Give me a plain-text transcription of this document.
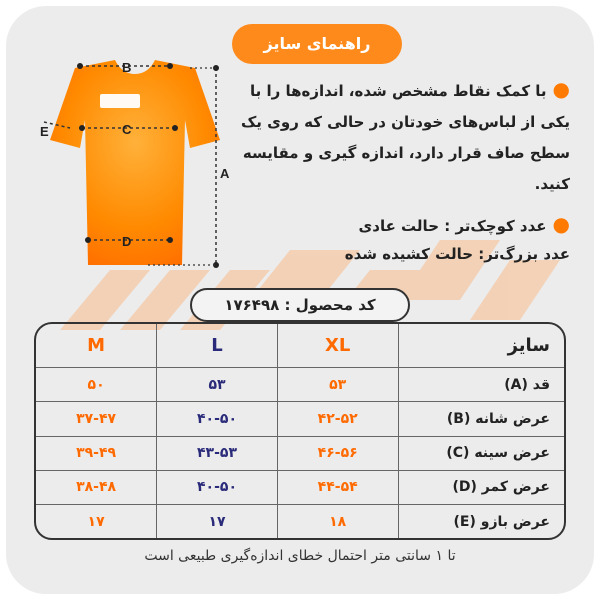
راهنمای سایز
B
C
D
A
E
●با کمک نقاط مشخص شده، اندازه‌ها را با یکی از لباس‌های خودتان در حالی که روی یک سطح صاف قرار دارد، اندازه گیری و مقایسه کنید.
●عدد کوچک‌تر : حالت عادی
عدد بزرگ‌تر: حالت کشیده شده
کد محصول : ۱۷۶۴۹۸
سایز	XL	L	M
قد (A)	۵۳	۵۳	۵۰
عرض شانه (B)	۴۲-۵۲	۴۰-۵۰	۳۷-۴۷
عرض سینه (C)	۴۶-۵۶	۴۳-۵۳	۳۹-۴۹
عرض کمر (D)	۴۴-۵۴	۴۰-۵۰	۳۸-۴۸
عرض بازو (E)	۱۸	۱۷	۱۷
تا ۱ سانتی متر احتمال خطای اندازه‌گیری طبیعی است
